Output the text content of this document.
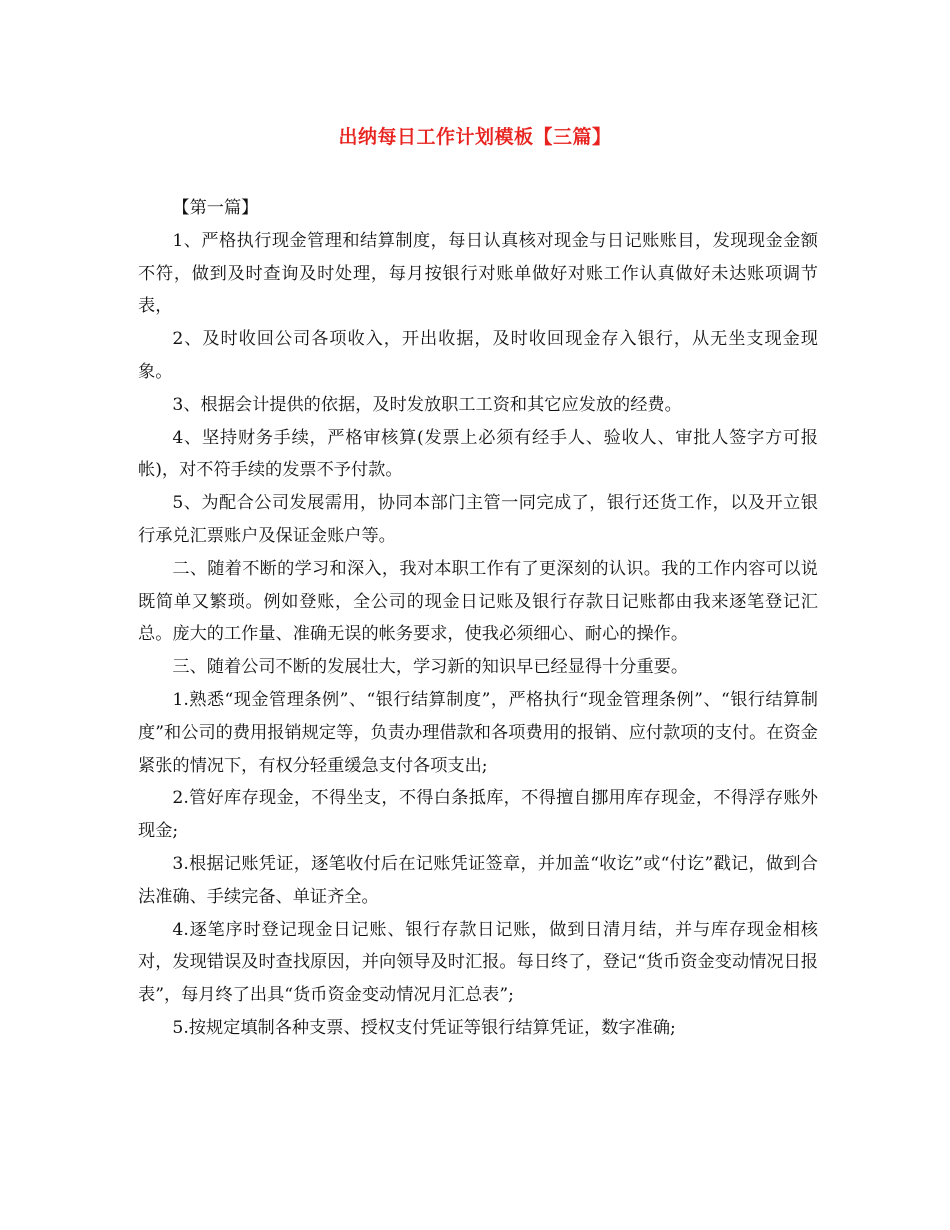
出纳每日工作计划模板【三篇】

【第一篇】

1、严格执行现金管理和结算制度，每日认真核对现金与日记账账目，发现现金金额不符，做到及时查询及时处理，每月按银行对账单做好对账工作认真做好未达账项调节表，

2、及时收回公司各项收入，开出收据，及时收回现金存入银行，从无坐支现金现象。

3、根据会计提供的依据，及时发放职工工资和其它应发放的经费。

4、坚持财务手续，严格审核算(发票上必须有经手人、验收人、审批人签字方可报帐)，对不符手续的发票不予付款。

5、为配合公司发展需用，协同本部门主管一同完成了，银行还货工作，以及开立银行承兑汇票账户及保证金账户等。

二、随着不断的学习和深入，我对本职工作有了更深刻的认识。我的工作内容可以说既简单又繁琐。例如登账，全公司的现金日记账及银行存款日记账都由我来逐笔登记汇总。庞大的工作量、准确无误的帐务要求，使我必须细心、耐心的操作。

三、随着公司不断的发展壮大，学习新的知识早已经显得十分重要。

1.熟悉“现金管理条例”、“银行结算制度”，严格执行“现金管理条例”、“银行结算制度”和公司的费用报销规定等，负责办理借款和各项费用的报销、应付款项的支付。在资金紧张的情况下，有权分轻重缓急支付各项支出;

2.管好库存现金，不得坐支，不得白条抵库，不得擅自挪用库存现金，不得浮存账外现金;

3.根据记账凭证，逐笔收付后在记账凭证签章，并加盖“收讫”或“付讫”戳记，做到合法准确、手续完备、单证齐全。

4.逐笔序时登记现金日记账、银行存款日记账，做到日清月结，并与库存现金相核对，发现错误及时查找原因，并向领导及时汇报。每日终了，登记“货币资金变动情况日报表”，每月终了出具“货币资金变动情况月汇总表”;

5.按规定填制各种支票、授权支付凭证等银行结算凭证，数字准确;
